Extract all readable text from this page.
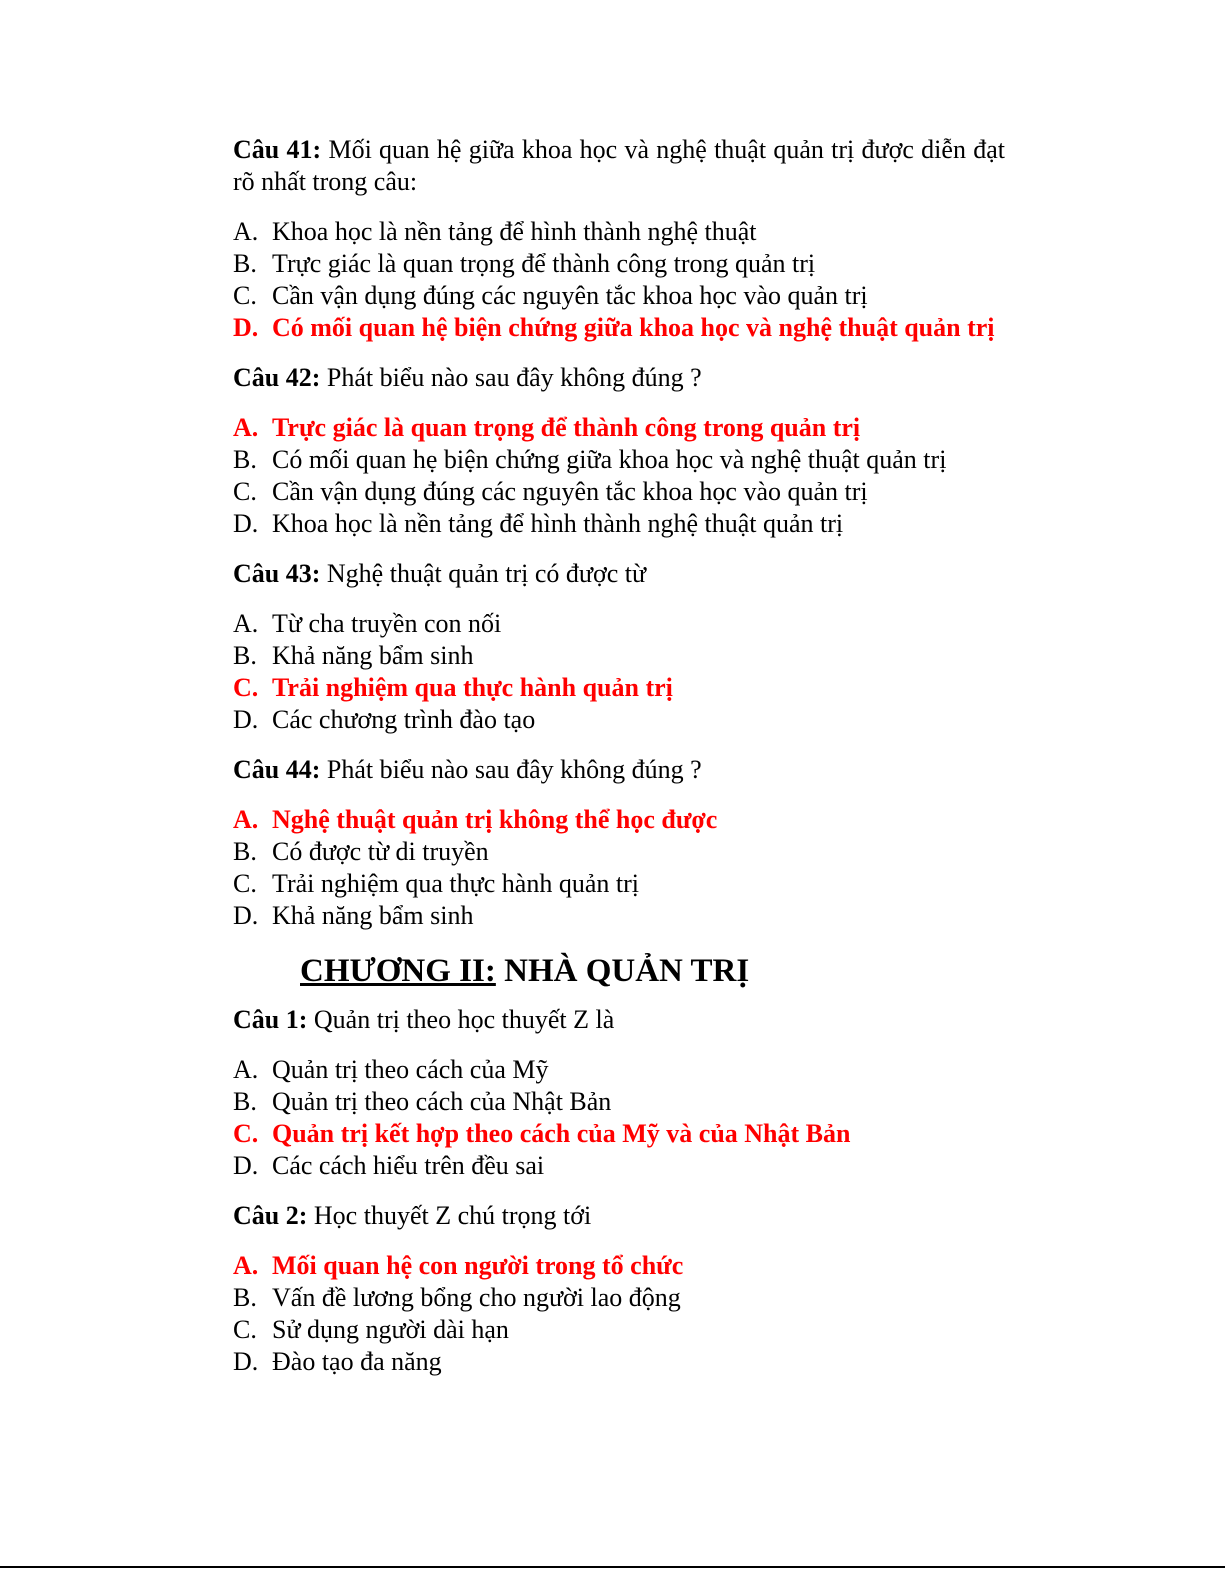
Câu 41: Mối quan hệ giữa khoa học và nghệ thuật quản trị được diễn đạt rõ nhất trong câu:

A. Khoa học là nền tảng để hình thành nghệ thuật
B. Trực giác là quan trọng để thành công trong quản trị
C. Cần vận dụng đúng các nguyên tắc khoa học vào quản trị
D. Có mối quan hệ biện chứng giữa khoa học và nghệ thuật quản trị

Câu 42: Phát biểu nào sau đây không đúng ?

A. Trực giác là quan trọng để thành công trong quản trị
B. Có mối quan hẹ biện chứng giữa khoa học và nghệ thuật quản trị
C. Cần vận dụng đúng các nguyên tắc khoa học vào quản trị
D. Khoa học là nền tảng để hình thành nghệ thuật quản trị

Câu 43: Nghệ thuật quản trị có được từ

A. Từ cha truyền con nối
B. Khả năng bẩm sinh
C. Trải nghiệm qua thực hành quản trị
D. Các chương trình đào tạo

Câu 44: Phát biểu nào sau đây không đúng ?

A. Nghệ thuật quản trị không thể học được
B. Có được từ di truyền
C. Trải nghiệm qua thực hành quản trị
D. Khả năng bẩm sinh
CHƯƠNG II: NHÀ QUẢN TRỊ

Câu 1: Quản trị theo học thuyết Z là

A. Quản trị theo cách của Mỹ
B. Quản trị theo cách của Nhật Bản
C. Quản trị kết hợp theo cách của Mỹ và của Nhật Bản
D. Các cách hiểu trên đều sai

Câu 2: Học thuyết Z chú trọng tới

A. Mối quan hệ con người trong tổ chức
B. Vấn đề lương bổng cho người lao động
C. Sử dụng người dài hạn
D. Đào tạo đa năng
